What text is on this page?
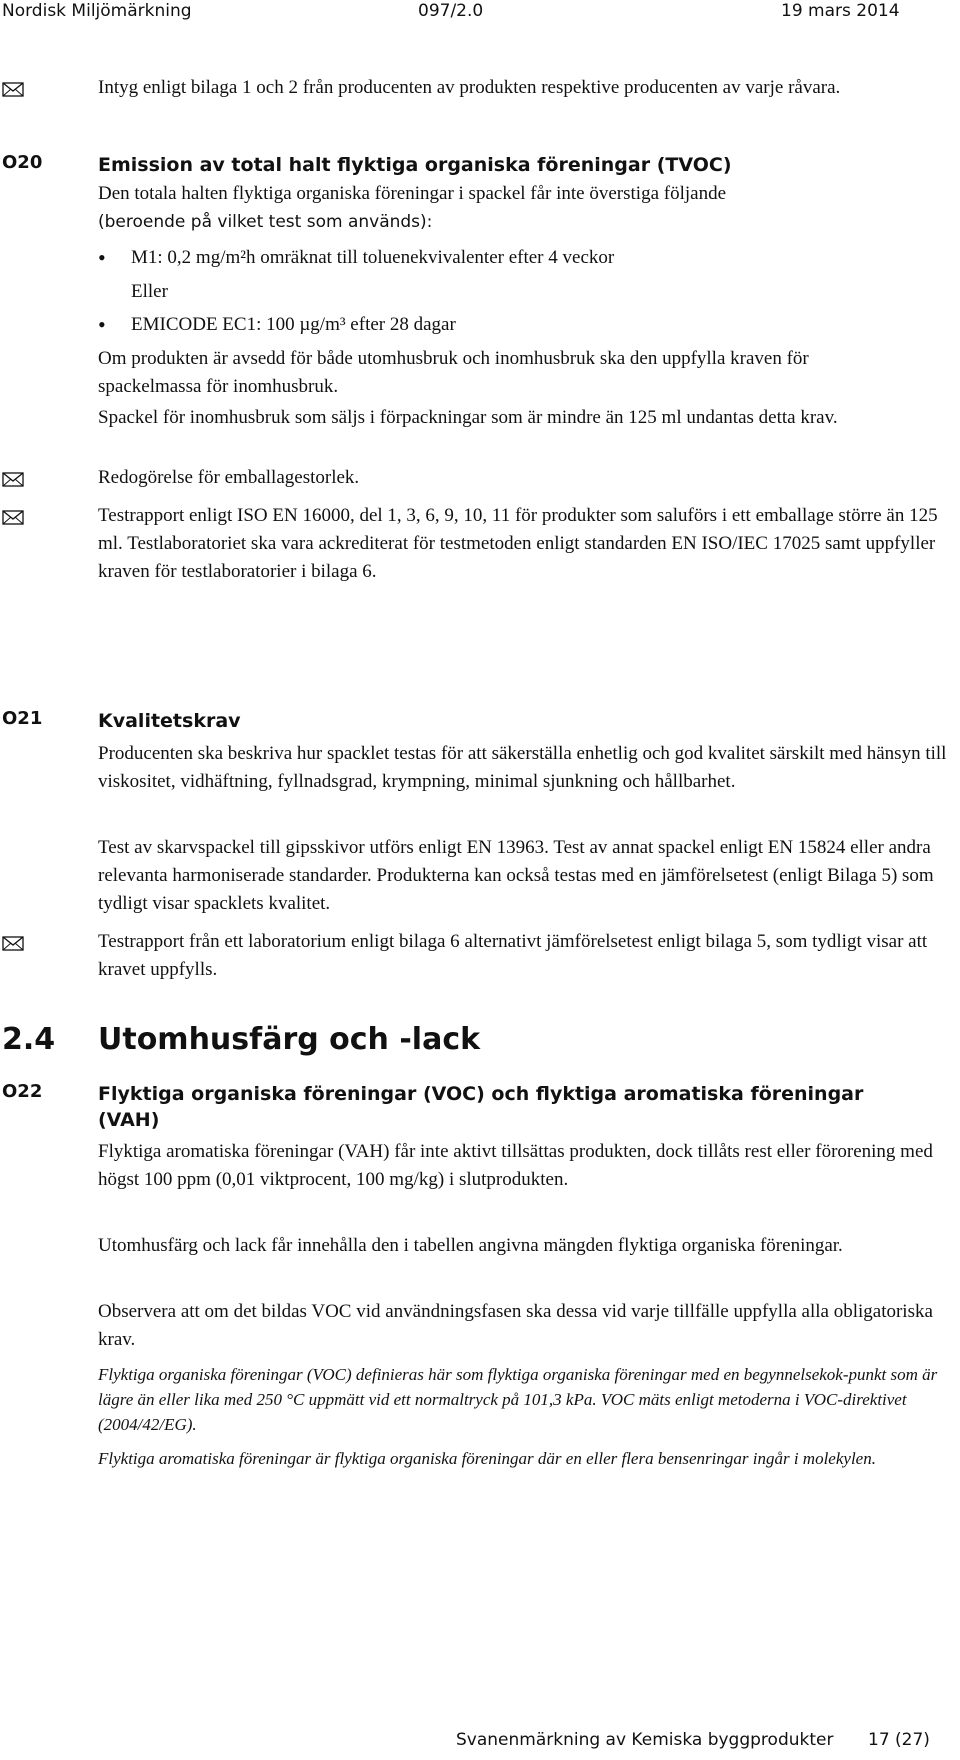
Nordisk Miljömärkning	097/2.0	19 mars 2014

Intyg enligt bilaga 1 och 2 från producenten av produkten respektive producenten av varje råvara.

O20	Emission av total halt flyktiga organiska föreningar (TVOC)

Den totala halten flyktiga organiska föreningar i spackel får inte överstiga följande

(beroende på vilket test som används):

• M1: 0,2 mg/m²h omräknat till toluenekvivalenter efter 4 veckor

Eller

• EMICODE EC1: 100 µg/m³ efter 28 dagar

Om produkten är avsedd för både utomhusbruk och inomhusbruk ska den uppfylla kraven för spackelmassa för inomhusbruk.

Spackel för inomhusbruk som säljs i förpackningar som är mindre än 125 ml undantas detta krav.

Redogörelse för emballagestorlek.

Testrapport enligt ISO EN 16000, del 1, 3, 6, 9, 10, 11 för produkter som saluförs i ett emballage större än 125 ml. Testlaboratoriet ska vara ackrediterat för testmetoden enligt standarden EN ISO/IEC 17025 samt uppfyller kraven för testlaboratorier i bilaga 6.

O21	Kvalitetskrav

Producenten ska beskriva hur spacklet testas för att säkerställa enhetlig och god kvalitet särskilt med hänsyn till viskositet, vidhäftning, fyllnadsgrad, krympning, minimal sjunkning och hållbarhet.

Test av skarvspackel till gipsskivor utförs enligt EN 13963. Test av annat spackel enligt EN 15824 eller andra relevanta harmoniserade standarder. Produkterna kan också testas med en jämförelsetest (enligt Bilaga 5) som tydligt visar spacklets kvalitet.

Testrapport från ett laboratorium enligt bilaga 6 alternativt jämförelsetest enligt bilaga 5, som tydligt visar att kravet uppfylls.

2.4 Utomhusfärg och -lack
O22	Flyktiga organiska föreningar (VOC) och flyktiga aromatiska föreningar (VAH)

Flyktiga aromatiska föreningar (VAH) får inte aktivt tillsättas produkten, dock tillåts rest eller förorening med högst 100 ppm (0,01 viktprocent, 100 mg/kg) i slutprodukten.

Utomhusfärg och lack får innehålla den i tabellen angivna mängden flyktiga organiska föreningar.

Observera att om det bildas VOC vid användningsfasen ska dessa vid varje tillfälle uppfylla alla obligatoriska krav.

Flyktiga organiska föreningar (VOC) definieras här som flyktiga organiska föreningar med en begynnelsekok-punkt som är lägre än eller lika med 250 °C uppmätt vid ett normaltryck på 101,3 kPa. VOC mäts enligt metoderna i VOC-direktivet (2004/42/EG).

Flyktiga aromatiska föreningar är flyktiga organiska föreningar där en eller flera bensenringar ingår i molekylen.

Svanenmärkning av Kemiska byggprodukter 17 (27)
